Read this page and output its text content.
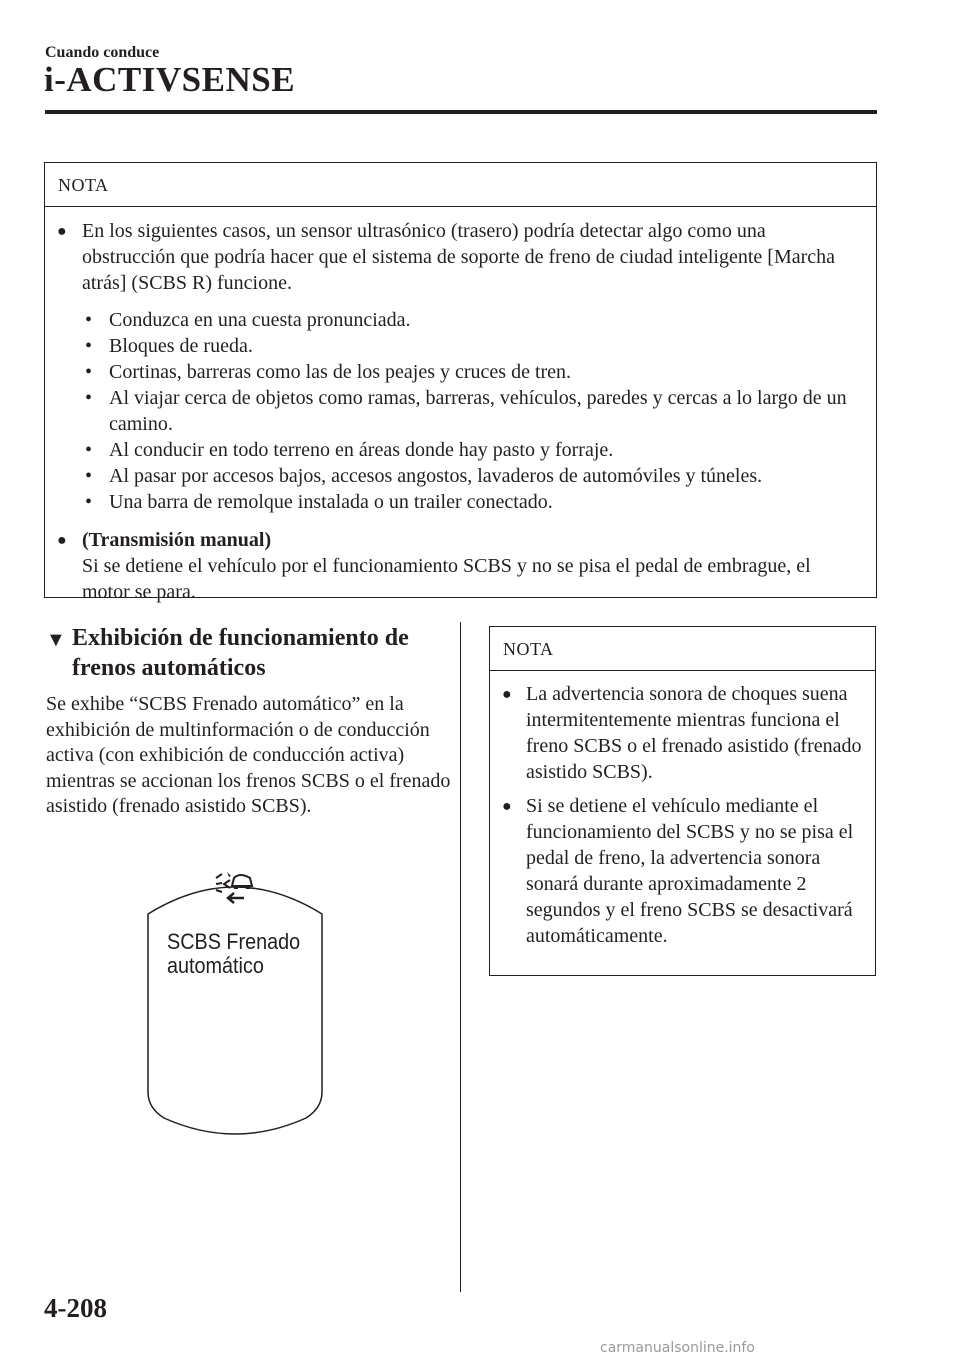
Cuando conduce
i-ACTIVSENSE
NOTA
● En los siguientes casos, un sensor ultrasónico (trasero) podría detectar algo como una obstrucción que podría hacer que el sistema de soporte de freno de ciudad inteligente [Marcha atrás] (SCBS R) funcione.
• Conduzca en una cuesta pronunciada.
• Bloques de rueda.
• Cortinas, barreras como las de los peajes y cruces de tren.
• Al viajar cerca de objetos como ramas, barreras, vehículos, paredes y cercas a lo largo de un camino.
• Al conducir en todo terreno en áreas donde hay pasto y forraje.
• Al pasar por accesos bajos, accesos angostos, lavaderos de automóviles y túneles.
• Una barra de remolque instalada o un trailer conectado.
● (Transmisión manual)
Si se detiene el vehículo por el funcionamiento SCBS y no se pisa el pedal de embrague, el motor se para.
▼ Exhibición de funcionamiento de frenos automáticos
Se exhibe “SCBS Frenado automático” en la exhibición de multinformación o de conducción activa (con exhibición de conducción activa) mientras se accionan los frenos SCBS o el frenado asistido (frenado asistido SCBS).
SCBS Frenado
automático
NOTA
● La advertencia sonora de choques suena intermitentemente mientras funciona el freno SCBS o el frenado asistido (frenado asistido SCBS).
● Si se detiene el vehículo mediante el funcionamiento del SCBS y no se pisa el pedal de freno, la advertencia sonora sonará durante aproximadamente 2 segundos y el freno SCBS se desactivará automáticamente.
4-208
carmanualsonline.info
